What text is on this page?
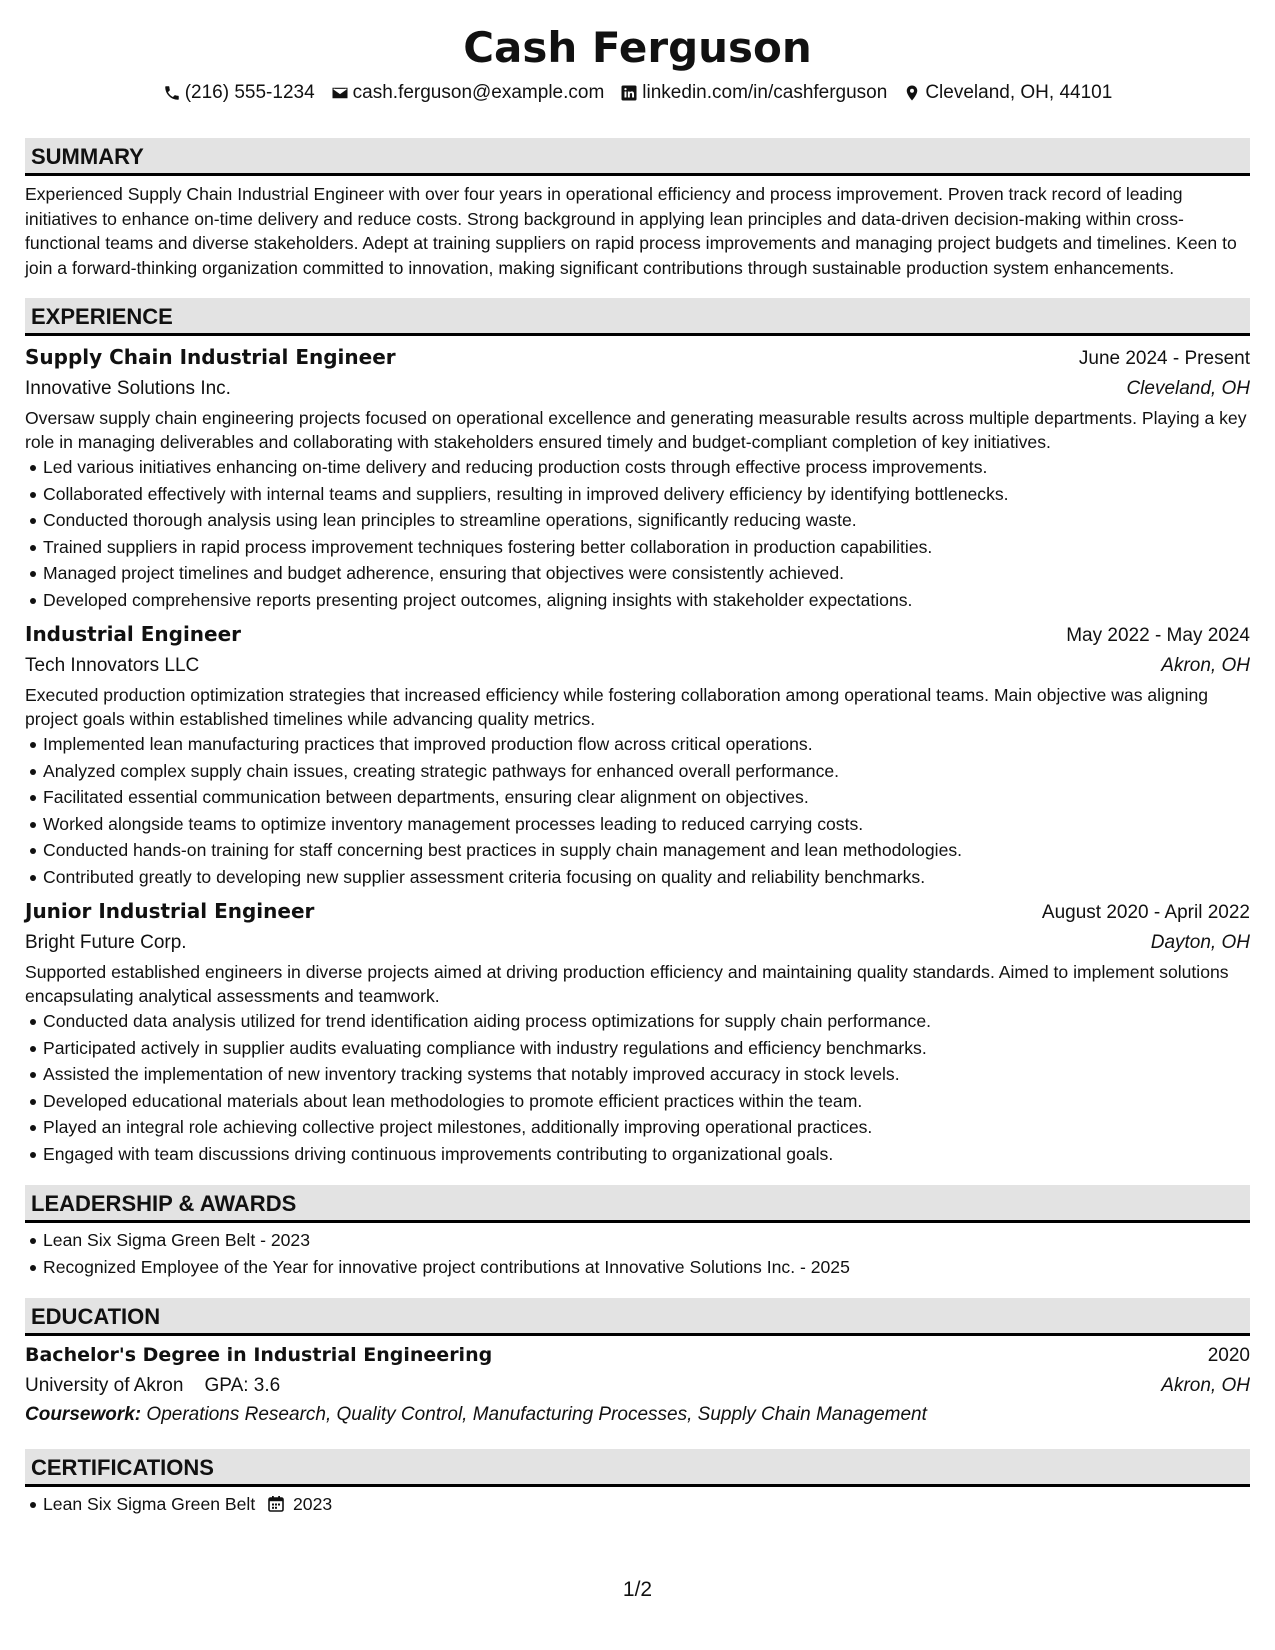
Cash Ferguson
(216) 555-1234 cash.ferguson@example.com linkedin.com/in/cashferguson Cleveland, OH, 44101
SUMMARY
Experienced Supply Chain Industrial Engineer with over four years in operational efficiency and process improvement. Proven track record of leading initiatives to enhance on-time delivery and reduce costs. Strong background in applying lean principles and data-driven decision-making within cross-functional teams and diverse stakeholders. Adept at training suppliers on rapid process improvements and managing project budgets and timelines. Keen to join a forward-thinking organization committed to innovation, making significant contributions through sustainable production system enhancements.
EXPERIENCE
Supply Chain Industrial Engineer	June 2024 - Present
Innovative Solutions Inc.	Cleveland, OH
Oversaw supply chain engineering projects focused on operational excellence and generating measurable results across multiple departments. Playing a key role in managing deliverables and collaborating with stakeholders ensured timely and budget-compliant completion of key initiatives.
Led various initiatives enhancing on-time delivery and reducing production costs through effective process improvements.
Collaborated effectively with internal teams and suppliers, resulting in improved delivery efficiency by identifying bottlenecks.
Conducted thorough analysis using lean principles to streamline operations, significantly reducing waste.
Trained suppliers in rapid process improvement techniques fostering better collaboration in production capabilities.
Managed project timelines and budget adherence, ensuring that objectives were consistently achieved.
Developed comprehensive reports presenting project outcomes, aligning insights with stakeholder expectations.
Industrial Engineer	May 2022 - May 2024
Tech Innovators LLC	Akron, OH
Executed production optimization strategies that increased efficiency while fostering collaboration among operational teams. Main objective was aligning project goals within established timelines while advancing quality metrics.
Implemented lean manufacturing practices that improved production flow across critical operations.
Analyzed complex supply chain issues, creating strategic pathways for enhanced overall performance.
Facilitated essential communication between departments, ensuring clear alignment on objectives.
Worked alongside teams to optimize inventory management processes leading to reduced carrying costs.
Conducted hands-on training for staff concerning best practices in supply chain management and lean methodologies.
Contributed greatly to developing new supplier assessment criteria focusing on quality and reliability benchmarks.
Junior Industrial Engineer	August 2020 - April 2022
Bright Future Corp.	Dayton, OH
Supported established engineers in diverse projects aimed at driving production efficiency and maintaining quality standards. Aimed to implement solutions encapsulating analytical assessments and teamwork.
Conducted data analysis utilized for trend identification aiding process optimizations for supply chain performance.
Participated actively in supplier audits evaluating compliance with industry regulations and efficiency benchmarks.
Assisted the implementation of new inventory tracking systems that notably improved accuracy in stock levels.
Developed educational materials about lean methodologies to promote efficient practices within the team.
Played an integral role achieving collective project milestones, additionally improving operational practices.
Engaged with team discussions driving continuous improvements contributing to organizational goals.
LEADERSHIP & AWARDS
Lean Six Sigma Green Belt - 2023
Recognized Employee of the Year for innovative project contributions at Innovative Solutions Inc. - 2025
EDUCATION
Bachelor's Degree in Industrial Engineering	2020
University of Akron GPA: 3.6	Akron, OH
Coursework: Operations Research, Quality Control, Manufacturing Processes, Supply Chain Management
CERTIFICATIONS
Lean Six Sigma Green Belt 2023
1/2
